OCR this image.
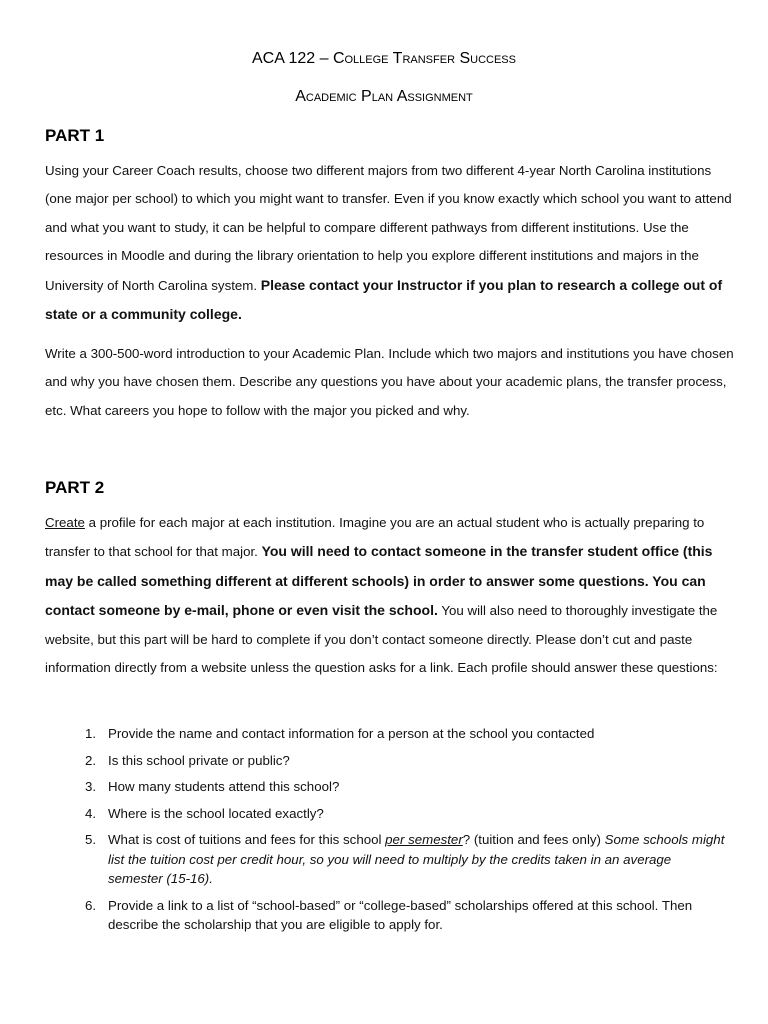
ACA 122 – College Transfer Success
Academic Plan Assignment
PART 1

Using your Career Coach results, choose two different majors from two different 4-year North Carolina institutions (one major per school) to which you might want to transfer. Even if you know exactly which school you want to attend and what you want to study, it can be helpful to compare different pathways from different institutions. Use the resources in Moodle and during the library orientation to help you explore different institutions and majors in the University of North Carolina system. Please contact your Instructor if you plan to research a college out of state or a community college.

Write a 300-500-word introduction to your Academic Plan. Include which two majors and institutions you have chosen and why you have chosen them. Describe any questions you have about your academic plans, the transfer process, etc. What careers you hope to follow with the major you picked and why.

PART 2

Create a profile for each major at each institution. Imagine you are an actual student who is actually preparing to transfer to that school for that major. You will need to contact someone in the transfer student office (this may be called something different at different schools) in order to answer some questions. You can contact someone by e-mail, phone or even visit the school. You will also need to thoroughly investigate the website, but this part will be hard to complete if you don’t contact someone directly. Please don’t cut and paste information directly from a website unless the question asks for a link. Each profile should answer these questions:

1. Provide the name and contact information for a person at the school you contacted
2. Is this school private or public?
3. How many students attend this school?
4. Where is the school located exactly?
5. What is cost of tuitions and fees for this school per semester? (tuition and fees only) Some schools might list the tuition cost per credit hour, so you will need to multiply by the credits taken in an average semester (15-16).
6. Provide a link to a list of “school-based” or “college-based” scholarships offered at this school. Then describe the scholarship that you are eligible to apply for.
